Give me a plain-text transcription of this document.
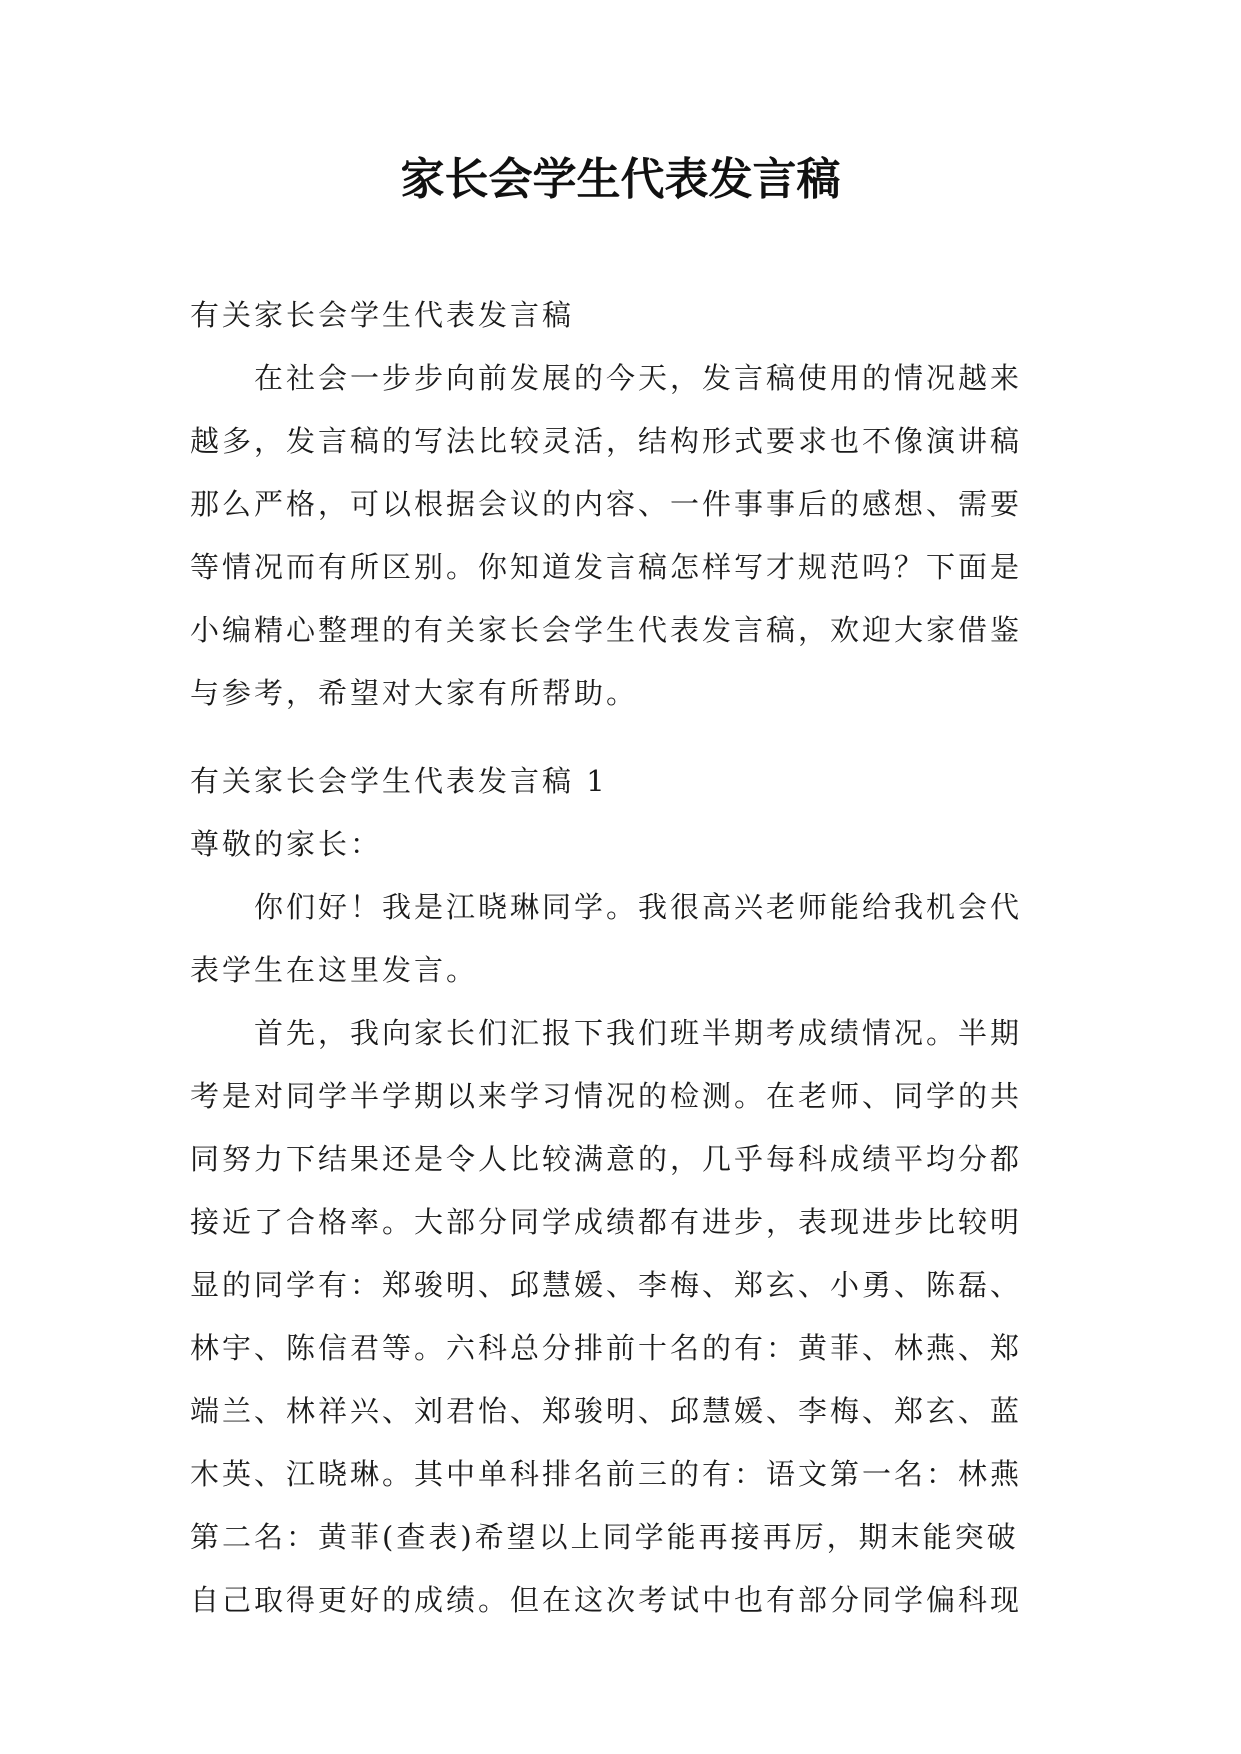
家长会学生代表发言稿
有关家长会学生代表发言稿
在社会一步步向前发展的今天，发言稿使用的情况越来
越多，发言稿的写法比较灵活，结构形式要求也不像演讲稿
那么严格，可以根据会议的内容、一件事事后的感想、需要
等情况而有所区别。你知道发言稿怎样写才规范吗？下面是
小编精心整理的有关家长会学生代表发言稿，欢迎大家借鉴
与参考，希望对大家有所帮助。
有关家长会学生代表发言稿 1
尊敬的家长：
你们好！我是江晓琳同学。我很高兴老师能给我机会代
表学生在这里发言。
首先，我向家长们汇报下我们班半期考成绩情况。半期
考是对同学半学期以来学习情况的检测。在老师、同学的共
同努力下结果还是令人比较满意的，几乎每科成绩平均分都
接近了合格率。大部分同学成绩都有进步，表现进步比较明
显的同学有：郑骏明、邱慧媛、李梅、郑玄、小勇、陈磊、
林宇、陈信君等。六科总分排前十名的有：黄菲、林燕、郑
端兰、林祥兴、刘君怡、郑骏明、邱慧媛、李梅、郑玄、蓝
木英、江晓琳。其中单科排名前三的有：语文第一名：林燕
第二名：黄菲(查表)希望以上同学能再接再厉，期末能突破
自己取得更好的成绩。但在这次考试中也有部分同学偏科现
